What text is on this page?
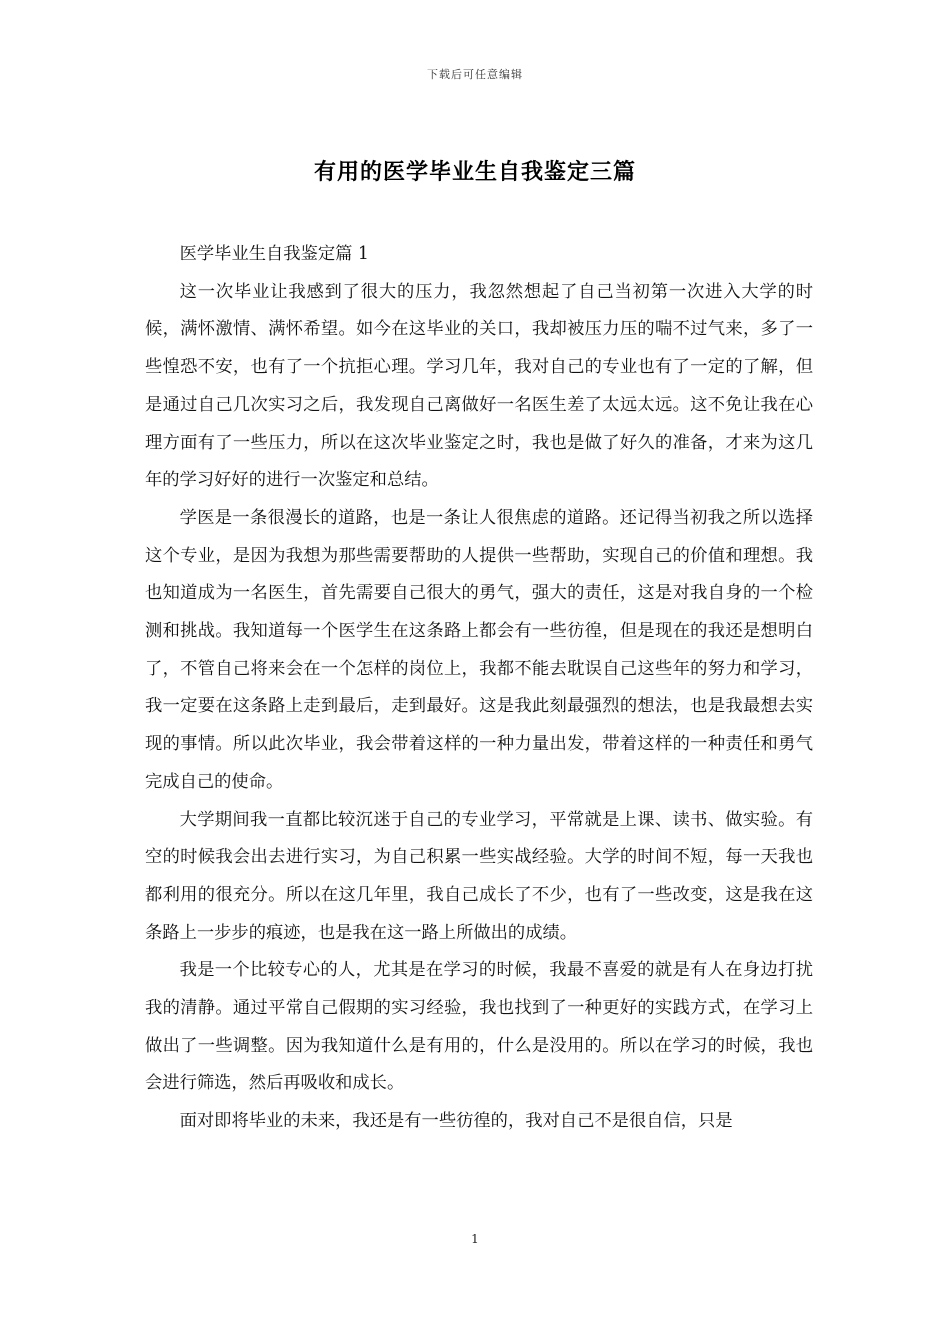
下载后可任意编辑
有用的医学毕业生自我鉴定三篇

医学毕业生自我鉴定篇 1

这一次毕业让我感到了很大的压力，我忽然想起了自己当初第一次进入大学的时候，满怀激情、满怀希望。如今在这毕业的关口，我却被压力压的喘不过气来，多了一些惶恐不安，也有了一个抗拒心理。学习几年，我对自己的专业也有了一定的了解，但是通过自己几次实习之后，我发现自己离做好一名医生差了太远太远。这不免让我在心理方面有了一些压力，所以在这次毕业鉴定之时，我也是做了好久的准备，才来为这几年的学习好好的进行一次鉴定和总结。

学医是一条很漫长的道路，也是一条让人很焦虑的道路。还记得当初我之所以选择这个专业，是因为我想为那些需要帮助的人提供一些帮助，实现自己的价值和理想。我也知道成为一名医生，首先需要自己很大的勇气，强大的责任，这是对我自身的一个检测和挑战。我知道每一个医学生在这条路上都会有一些彷徨，但是现在的我还是想明白了，不管自己将来会在一个怎样的岗位上，我都不能去耽误自己这些年的努力和学习，我一定要在这条路上走到最后，走到最好。这是我此刻最强烈的想法，也是我最想去实现的事情。所以此次毕业，我会带着这样的一种力量出发，带着这样的一种责任和勇气完成自己的使命。

大学期间我一直都比较沉迷于自己的专业学习，平常就是上课、读书、做实验。有空的时候我会出去进行实习，为自己积累一些实战经验。大学的时间不短，每一天我也都利用的很充分。所以在这几年里，我自己成长了不少，也有了一些改变，这是我在这条路上一步步的痕迹，也是我在这一路上所做出的成绩。

我是一个比较专心的人，尤其是在学习的时候，我最不喜爱的就是有人在身边打扰我的清静。通过平常自己假期的实习经验，我也找到了一种更好的实践方式，在学习上做出了一些调整。因为我知道什么是有用的，什么是没用的。所以在学习的时候，我也会进行筛选，然后再吸收和成长。

面对即将毕业的未来，我还是有一些彷徨的，我对自己不是很自信，只是

1
